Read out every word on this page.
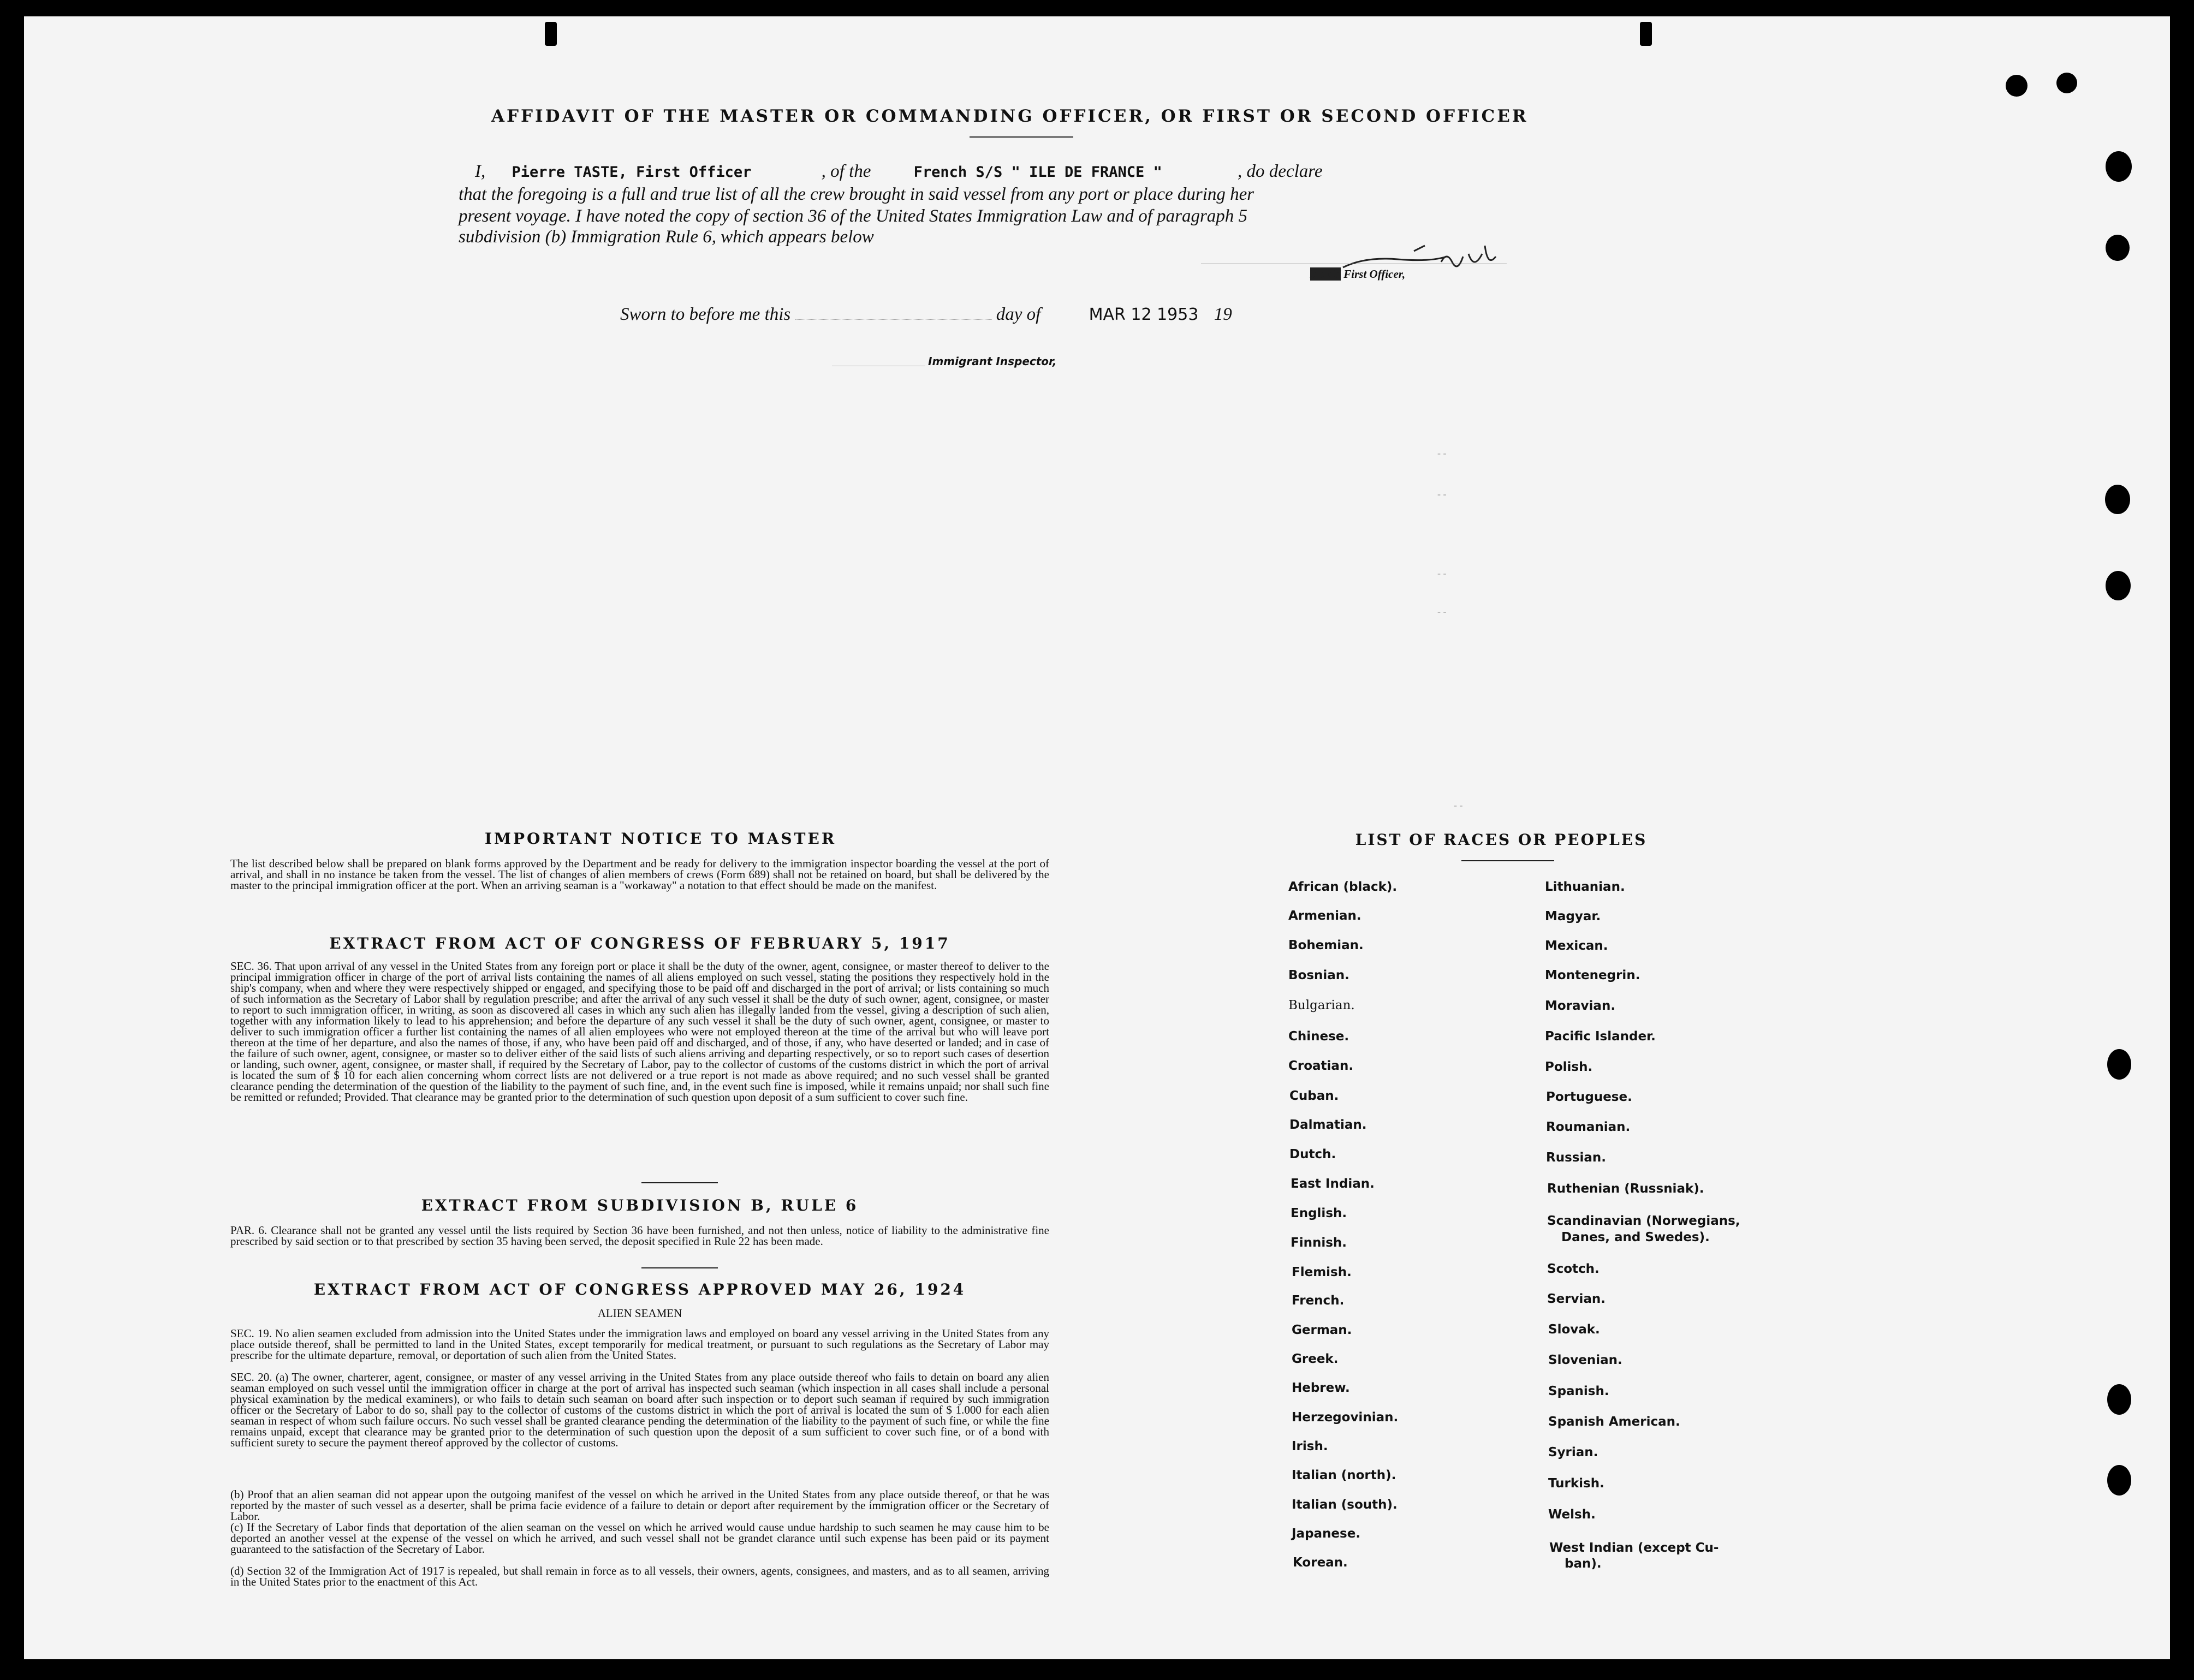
AFFIDAVIT OF THE MASTER OR COMMANDING OFFICER, OR FIRST OR SECOND OFFICER
I, Pierre TASTE, First Officer	, of the	French S/S " ILE DE FRANCE "	, do declare
that the foregoing is a full and true list of all the crew brought in said vessel from any port or place during her
present voyage. I have noted the copy of section 36 of the United States Immigration Law and of paragraph 5
subdivision (b) Immigration Rule 6, which appears below
XXXX First Officer,
Sworn to before me this	day of	MAR 12 1953 19
Immigrant Inspector,
- -
- -
- -
- -
- -
IMPORTANT NOTICE TO MASTER
The list described below shall be prepared on blank forms approved by the Department and be ready for delivery to the immigration inspector boarding the vessel at the port of arrival, and shall in no instance be taken from the vessel. The list of changes of alien members of crews (Form 689) shall not be retained on board, but shall be delivered by the master to the principal immigration officer at the port. When an arriving seaman is a "workaway" a notation to that effect should be made on the manifest.
EXTRACT FROM ACT OF CONGRESS OF FEBRUARY 5, 1917
SEC. 36. That upon arrival of any vessel in the United States from any foreign port or place it shall be the duty of the owner, agent, consignee, or master thereof to deliver to the principal immigration officer in charge of the port of arrival lists containing the names of all aliens employed on such vessel, stating the positions they respectively hold in the ship's company, when and where they were respectively shipped or engaged, and specifying those to be paid off and discharged in the port of arrival; or lists containing so much of such information as the Secretary of Labor shall by regulation prescribe; and after the arrival of any such vessel it shall be the duty of such owner, agent, consignee, or master to report to such immigration officer, in writing, as soon as discovered all cases in which any such alien has illegally landed from the vessel, giving a description of such alien, together with any information likely to lead to his apprehension; and before the departure of any such vessel it shall be the duty of such owner, agent, consignee, or master to deliver to such immigration officer a further list containing the names of all alien employees who were not employed thereon at the time of the arrival but who will leave port thereon at the time of her departure, and also the names of those, if any, who have been paid off and discharged, and of those, if any, who have deserted or landed; and in case of the failure of such owner, agent, consignee, or master so to deliver either of the said lists of such aliens arriving and departing respectively, or so to report such cases of desertion or landing, such owner, agent, consignee, or master shall, if required by the Secretary of Labor, pay to the collector of customs of the customs district in which the port of arrival is located the sum of $ 10 for each alien concerning whom correct lists are not delivered or a true report is not made as above required; and no such vessel shall be granted clearance pending the determination of the question of the liability to the payment of such fine, and, in the event such fine is imposed, while it remains unpaid; nor shall such fine be remitted or refunded; Provided. That clearance may be granted prior to the determination of such question upon deposit of a sum sufficient to cover such fine.
EXTRACT FROM SUBDIVISION B, RULE 6
PAR. 6. Clearance shall not be granted any vessel until the lists required by Section 36 have been furnished, and not then unless, notice of liability to the administrative fine prescribed by said section or to that prescribed by section 35 having been served, the deposit specified in Rule 22 has been made.
EXTRACT FROM ACT OF CONGRESS APPROVED MAY 26, 1924
ALIEN SEAMEN
SEC. 19. No alien seamen excluded from admission into the United States under the immigration laws and employed on board any vessel arriving in the United States from any place outside thereof, shall be permitted to land in the United States, except temporarily for medical treatment, or pursuant to such regulations as the Secretary of Labor may prescribe for the ultimate departure, removal, or deportation of such alien from the United States.
SEC. 20. (a) The owner, charterer, agent, consignee, or master of any vessel arriving in the United States from any place outside thereof who fails to detain on board any alien seaman employed on such vessel until the immigration officer in charge at the port of arrival has inspected such seaman (which inspection in all cases shall include a personal physical examination by the medical examiners), or who fails to detain such seaman on board after such inspection or to deport such seaman if required by such immigration officer or the Secretary of Labor to do so, shall pay to the collector of customs of the customs district in which the port of arrival is located the sum of $ 1.000 for each alien seaman in respect of whom such failure occurs. No such vessel shall be granted clearance pending the determination of the liability to the payment of such fine, or while the fine remains unpaid, except that clearance may be granted prior to the determination of such question upon the deposit of a sum sufficient to cover such fine, or of a bond with sufficient surety to secure the payment thereof approved by the collector of customs.
(b) Proof that an alien seaman did not appear upon the outgoing manifest of the vessel on which he arrived in the United States from any place outside thereof, or that he was reported by the master of such vessel as a deserter, shall be prima facie evidence of a failure to detain or deport after requirement by the immigration officer or the Secretary of Labor.
(c) If the Secretary of Labor finds that deportation of the alien seaman on the vessel on which he arrived would cause undue hardship to such seamen he may cause him to be deported an another vessel at the expense of the vessel on which he arrived, and such vessel shall not be grandet clarance until such expense has been paid or its payment guaranteed to the satisfaction of the Secretary of Labor.
(d) Section 32 of the Immigration Act of 1917 is repealed, but shall remain in force as to all vessels, their owners, agents, consignees, and masters, and as to all seamen, arriving in the United States prior to the enactment of this Act.
LIST OF RACES OR PEOPLES
African (black).
Armenian.
Bohemian.
Bosnian.
Bulgarian.
Chinese.
Croatian.
Cuban.
Dalmatian.
Dutch.
East Indian.
English.
Finnish.
Flemish.
French.
German.
Greek.
Hebrew.
Herzegovinian.
Irish.
Italian (north).
Italian (south).
Japanese.
Korean.
Lithuanian.
Magyar.
Mexican.
Montenegrin.
Moravian.
Pacific Islander.
Polish.
Portuguese.
Roumanian.
Russian.
Ruthenian (Russniak).
Scandinavian (Norwegians,
Danes, and Swedes).
Scotch.
Servian.
Slovak.
Slovenian.
Spanish.
Spanish American.
Syrian.
Turkish.
Welsh.
West Indian (except Cu-
ban).
